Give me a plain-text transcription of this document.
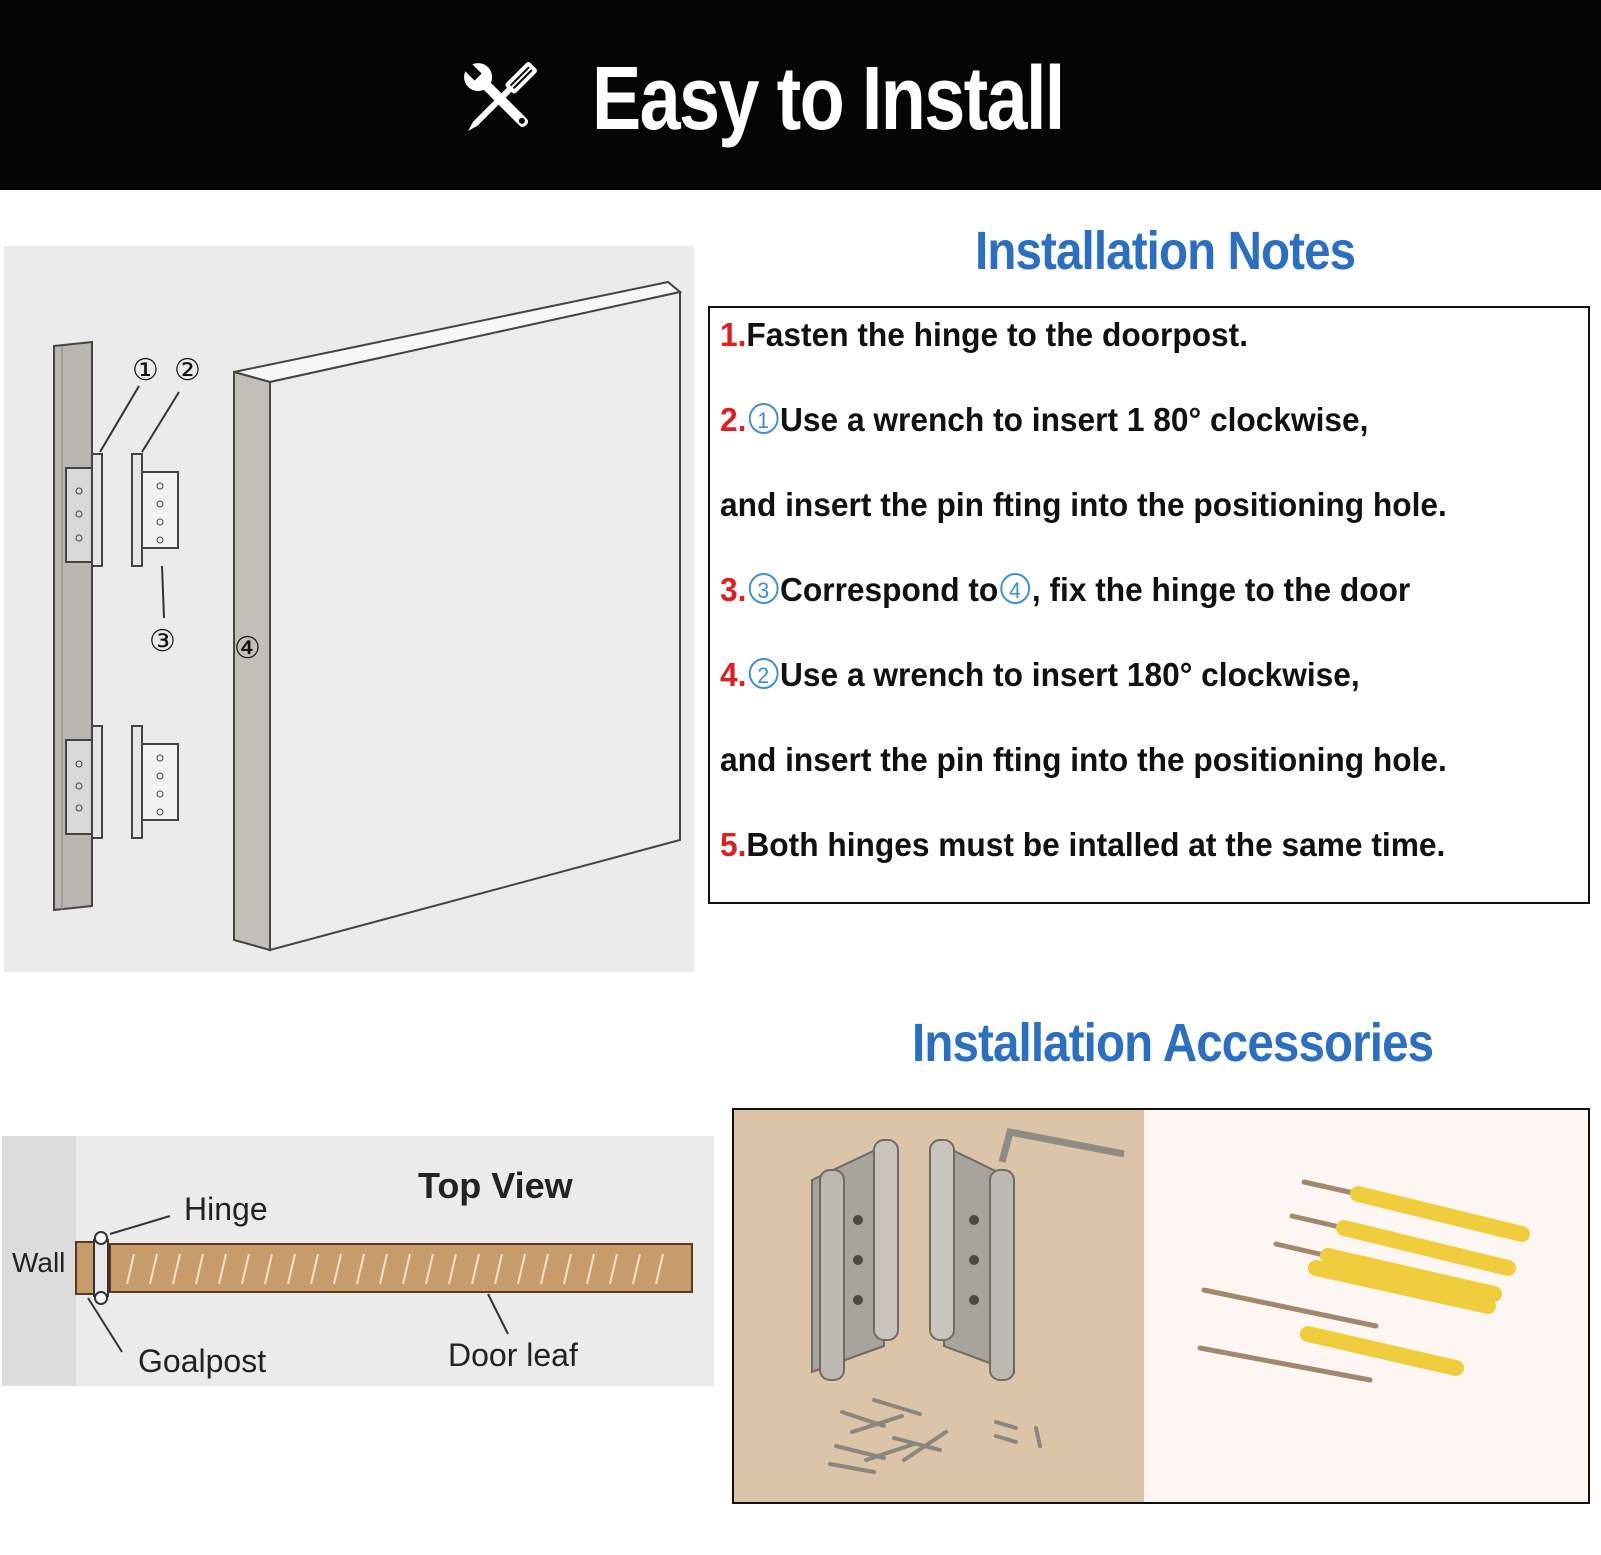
Easy to Install
① ②
③ ④
Installation Notes
1.Fasten the hinge to the doorpost.
2. 1 Use a wrench to insert 1 80° clockwise,
and insert the pin fting into the positioning hole.
3. 3 Correspond to 4 , fix the hinge to the door
4. 2 Use a wrench to insert 180° clockwise,
and insert the pin fting into the positioning hole.
5.Both hinges must be intalled at the same time.
Top View
Hinge
Wall
Goalpost	Door leaf
Installation Accessories
